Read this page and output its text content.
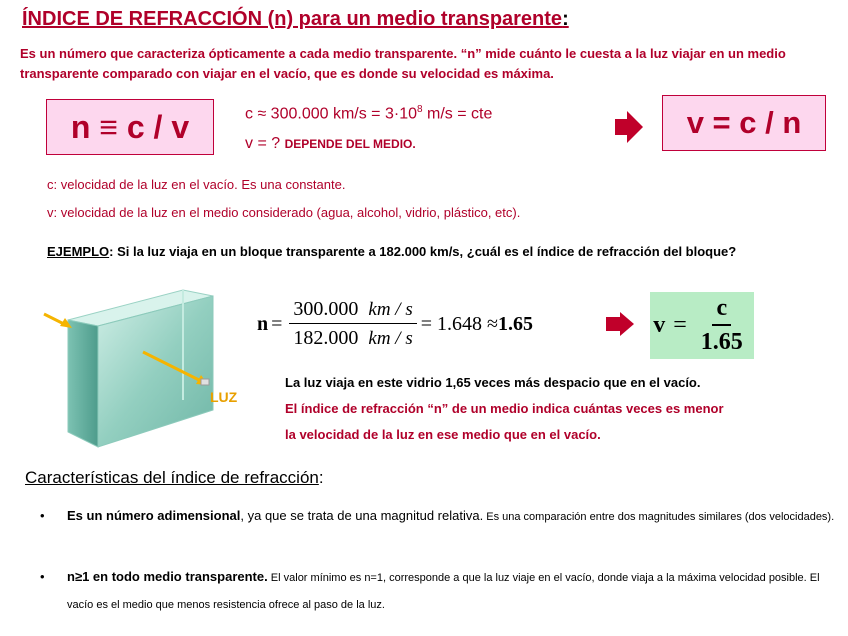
ÍNDICE DE REFRACCIÓN (n) para un medio transparente:
Es un número que caracteriza ópticamente a cada medio transparente. “n” mide cuánto le cuesta a la luz viajar en un medio transparente comparado con viajar en el vacío, que es donde su velocidad es máxima.
n ≡ c / v	c ≈ 300.000 $km/s = 3\cdot 10^8$ m/s = cte
v = ? DEPENDE DEL MEDIO.
v = c / n
c: velocidad de la luz en el vacío. Es una constante.
v: velocidad de la luz en el medio considerado (agua, alcohol, vidrio, plástico, etc).
EJEMPLO: Si la luz viaja en un bloque transparente a 182.000 km/s, ¿cuál es el índice de refracción del bloque?
LUZ
$n = \frac{300.000 km / s}{182.000 km / s} = 1.648 \approx 1.65$	$v = \frac{c}{1.65}$
La luz viaja en este vidrio 1,65 veces más despacio que en el vacío.
El índice de refracción “n” de un medio indica cuántas veces es menor
la velocidad de la luz en ese medio que en el vacío.
Características del índice de refracción:
• Es un número adimensional, ya que se trata de una magnitud relativa. Es una comparación entre dos magnitudes similares (dos velocidades).
• n≥1 en todo medio transparente. El valor mínimo es n=1, corresponde a que la luz viaje en el vacío, donde viaja a la máxima velocidad posible. El vacío es el medio que menos resistencia ofrece al paso de la luz.
